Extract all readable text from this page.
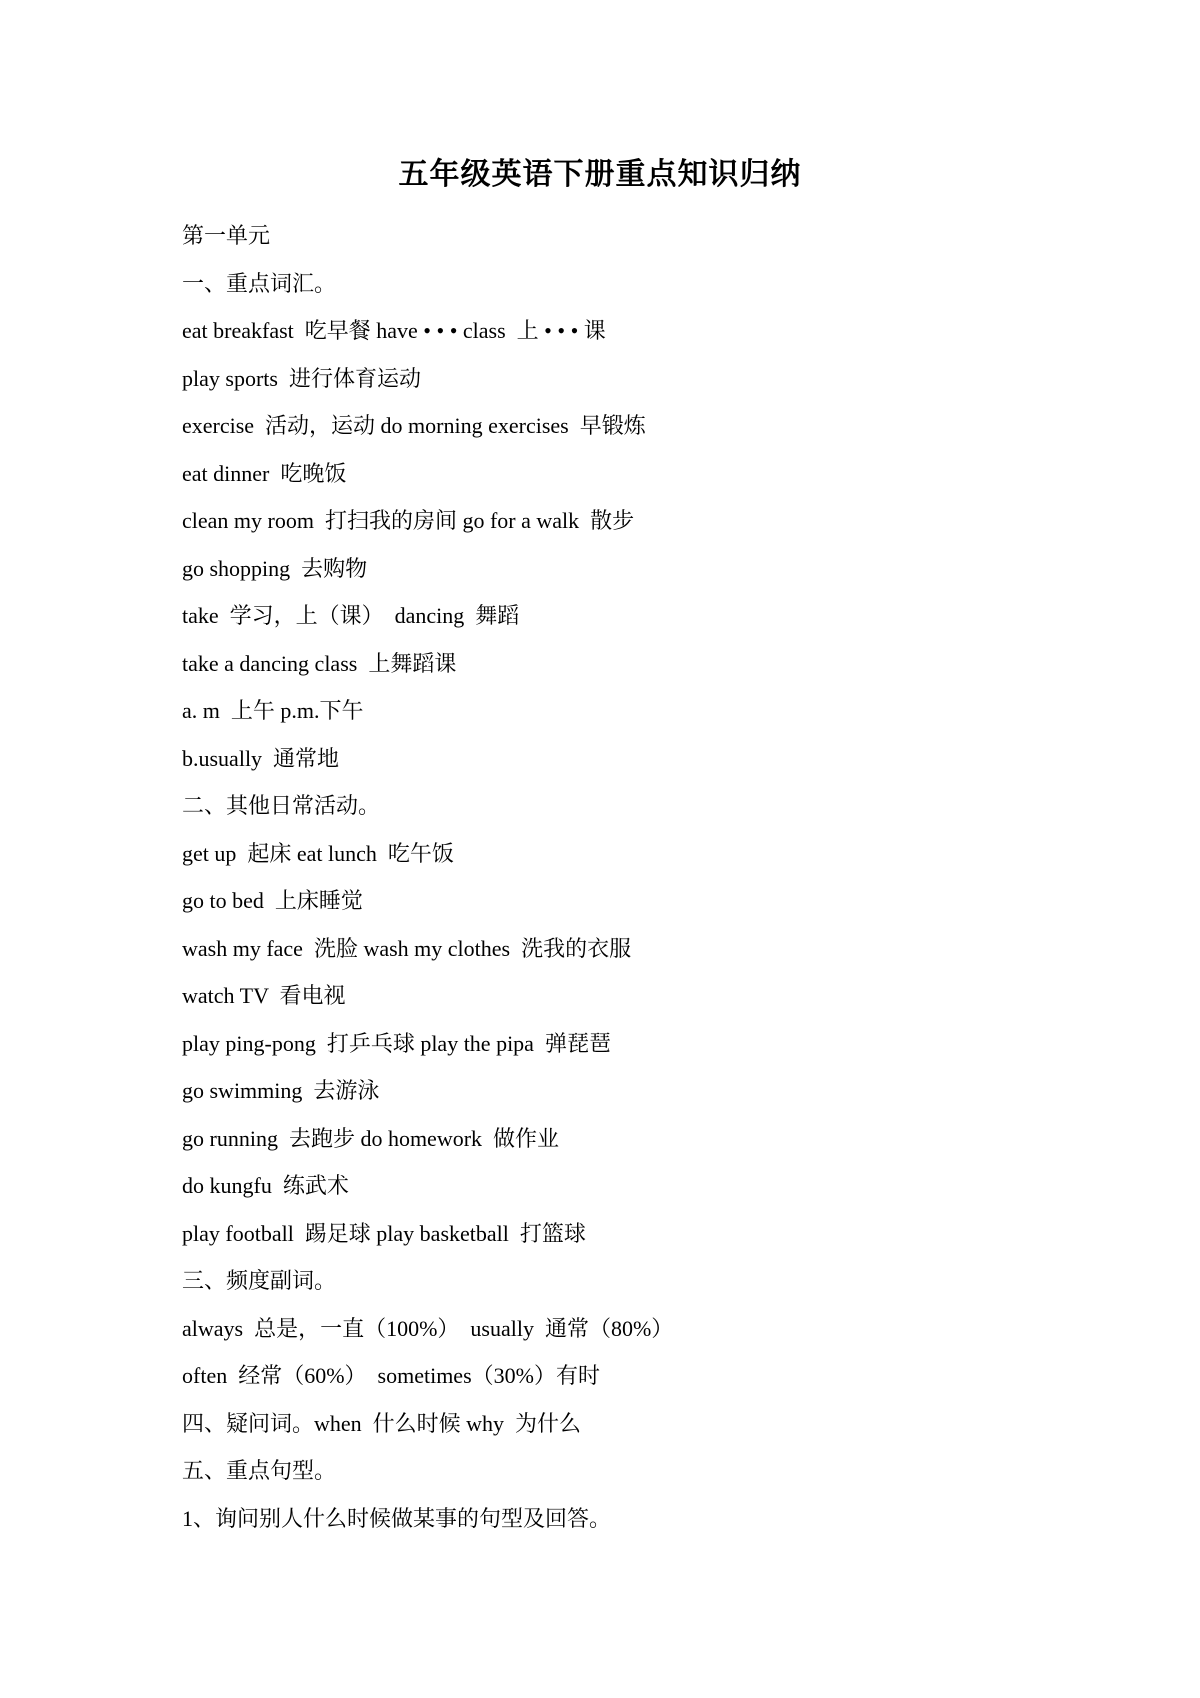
五年级英语下册重点知识归纳
第一单元
一、重点词汇。
eat breakfast  吃早餐 have • • • class  上 • • • 课
play sports  进行体育运动
exercise  活动，运动 do morning exercises  早锻炼
eat dinner  吃晚饭
clean my room  打扫我的房间 go for a walk  散步
go shopping  去购物
take  学习，上（课）  dancing  舞蹈
take a dancing class  上舞蹈课
a. m  上午 p.m.下午
b.usually  通常地
二、其他日常活动。
get up  起床 eat lunch  吃午饭
go to bed  上床睡觉
wash my face  洗脸 wash my clothes  洗我的衣服
watch TV  看电视
play ping-pong  打乒乓球 play the pipa  弹琵琶
go swimming  去游泳
go running  去跑步 do homework  做作业
do kungfu  练武术
play football  踢足球 play basketball  打篮球
三、频度副词。
always  总是，一直（100%）  usually  通常（80%）
often  经常（60%）  sometimes（30%）有时
四、疑问词。when  什么时候 why  为什么
五、重点句型。
1、询问别人什么时候做某事的句型及回答。
